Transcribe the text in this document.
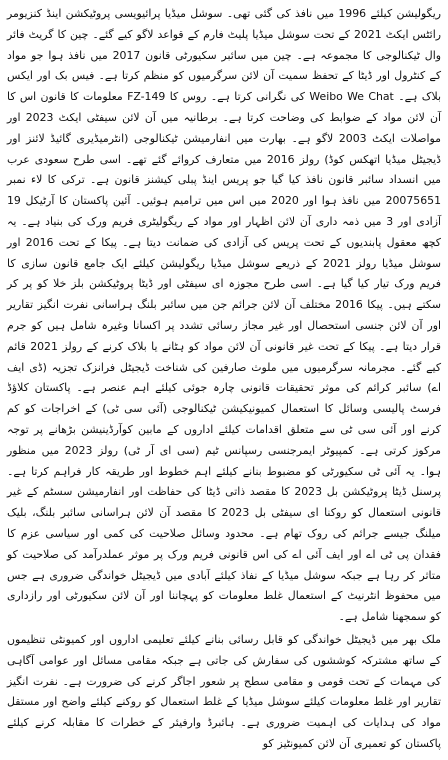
ریگولیشن کیلئے 1996 میں نافذ کی گئی تھی۔ سوشل میڈیا پرائیویسی پروٹیکشن اینڈ کنزیومر رائٹس ایکٹ 2021 کے تحت سوشل میڈیا پلیٹ فارم کے قواعد لاگو کیے گئے۔ چین کا گریٹ فائر وال ٹیکنالوجی کا مجموعہ ہے۔ چین میں سائبر سکیورٹی قانون 2017 میں نافذ ہوا جو مواد کے کنٹرول اور ڈیٹا کے تحفظ سمیت آن لائن سرگرمیوں کو منظم کرتا ہے۔ فیس بک اور ایکس بلاک ہے۔ Weibo We Chat کی نگرانی کرتا ہے۔ روس کا FZ-149 معلومات کا قانون اس کا آن لائن مواد کے ضوابط کی وضاحت کرتا ہے۔ برطانیہ میں آن لائن سیفٹی ایکٹ 2023 اور مواصلات ایکٹ 2003 لاگو ہے۔ بھارت میں انفارمیشن ٹیکنالوجی (انٹرمیڈیری گائیڈ لائنز اور ڈیجیٹل میڈیا اتھکس کوڈ) رولز 2016 میں متعارف کروائے گئے تھے۔ اسی طرح سعودی عرب میں انسداد سائبر قانون نافذ کیا گیا جو پریس اینڈ پبلی کیشنز قانون ہے۔ ترکی کا لاء نمبر 20075651 میں نافذ ہوا اور 2020 میں اس میں ترامیم ہوئیں۔ آئین پاکستان کا آرٹیکل 19 آزادی اور 3 میں ذمہ داری آن لائن اظہار اور مواد کے ریگولیٹری فریم ورک کی بنیاد ہے۔ یہ کچھ معقول پابندیوں کے تحت پریس کی آزادی کی ضمانت دیتا ہے۔ پیکا کے تحت 2016 اور سوشل میڈیا رولز 2021 کے ذریعے سوشل میڈیا ریگولیشن کیلئے ایک جامع قانون سازی کا فریم ورک تیار کیا گیا ہے۔ اسی طرح مجوزہ ای سیفٹی اور ڈیٹا پروٹیکشن بلز خلا کو پر کر سکتے ہیں۔ پیکا 2016 مختلف آن لائن جرائم جن میں سائبر بلنگ ہراسانی نفرت انگیز تقاریر اور آن لائن جنسی استحصال اور غیر مجاز رسائی تشدد پر اکسانا وغیرہ شامل ہیں کو جرم قرار دیتا ہے۔ پیکا کے تحت غیر قانونی آن لائن مواد کو ہٹانے یا بلاک کرنے کے رولز 2021 قائم کیے گئے۔ مجرمانہ سرگرمیوں میں ملوث صارفین کی شناخت ڈیجیٹل فرانزک تجزیہ (ڈی ایف اے) سائبر کرائم کی موثر تحقیقات قانونی چارہ جوئی کیلئے اہم عنصر ہے۔ پاکستان کلاؤڈ فرسٹ پالیسی وسائل کا استعمال کمیونیکیشن ٹیکنالوجی (آئی سی ٹی) کے اخراجات کو کم کرنے اور آئی سی ٹی سے متعلق اقدامات کیلئے اداروں کے مابین کوآرڈینیشن بڑھانے پر توجہ مرکوز کرتی ہے۔ کمپیوٹر ایمرجنسی رسپانس ٹیم (سی ای آر ٹی) رولز 2023 میں منظور ہوا۔ یہ آئی ٹی سکیورٹی کو مضبوط بنانے کیلئے اہم خطوط اور طریقہ کار فراہم کرتا ہے۔ پرسنل ڈیٹا پروٹیکشن بل 2023 کا مقصد ذاتی ڈیٹا کی حفاظت اور انفارمیشن سسٹم کے غیر قانونی استعمال کو روکنا ای سیفٹی بل 2023 کا مقصد آن لائن ہراسانی سائبر بلنگ، بلیک میلنگ جیسے جرائم کی روک تھام ہے۔ محدود وسائل صلاحیت کی کمی اور سیاسی عزم کا فقدان پی ٹی اے اور ایف آئی اے کی اس قانونی فریم ورک پر موثر عملدرآمد کی صلاحیت کو متاثر کر رہا ہے جبکہ سوشل میڈیا کے نفاذ کیلئے آبادی میں ڈیجیٹل خواندگی ضروری ہے جس میں محفوظ انٹرنیٹ کے استعمال غلط معلومات کو پہچاننا اور آن لائن سکیورٹی اور رازداری کو سمجھنا شامل ہے۔

ملک بھر میں ڈیجیٹل خواندگی کو قابل رسائی بنانے کیلئے تعلیمی اداروں اور کمیونٹی تنظیموں کے ساتھ مشترکہ کوششوں کی سفارش کی جاتی ہے جبکہ مقامی مسائل اور عوامی آگاہی کی مہمات کے تحت قومی و مقامی سطح پر شعور اجاگر کرنے کی ضرورت ہے۔ نفرت انگیز تقاریر اور غلط معلومات کیلئے سوشل میڈیا کے غلط استعمال کو روکنے کیلئے واضح اور مستقل مواد کی ہدایات کی اہمیت ضروری ہے۔ ہائبرڈ وارفیئر کے خطرات کا مقابلہ کرنے کیلئے پاکستان کو تعمیری آن لائن کمیونٹیز کو
